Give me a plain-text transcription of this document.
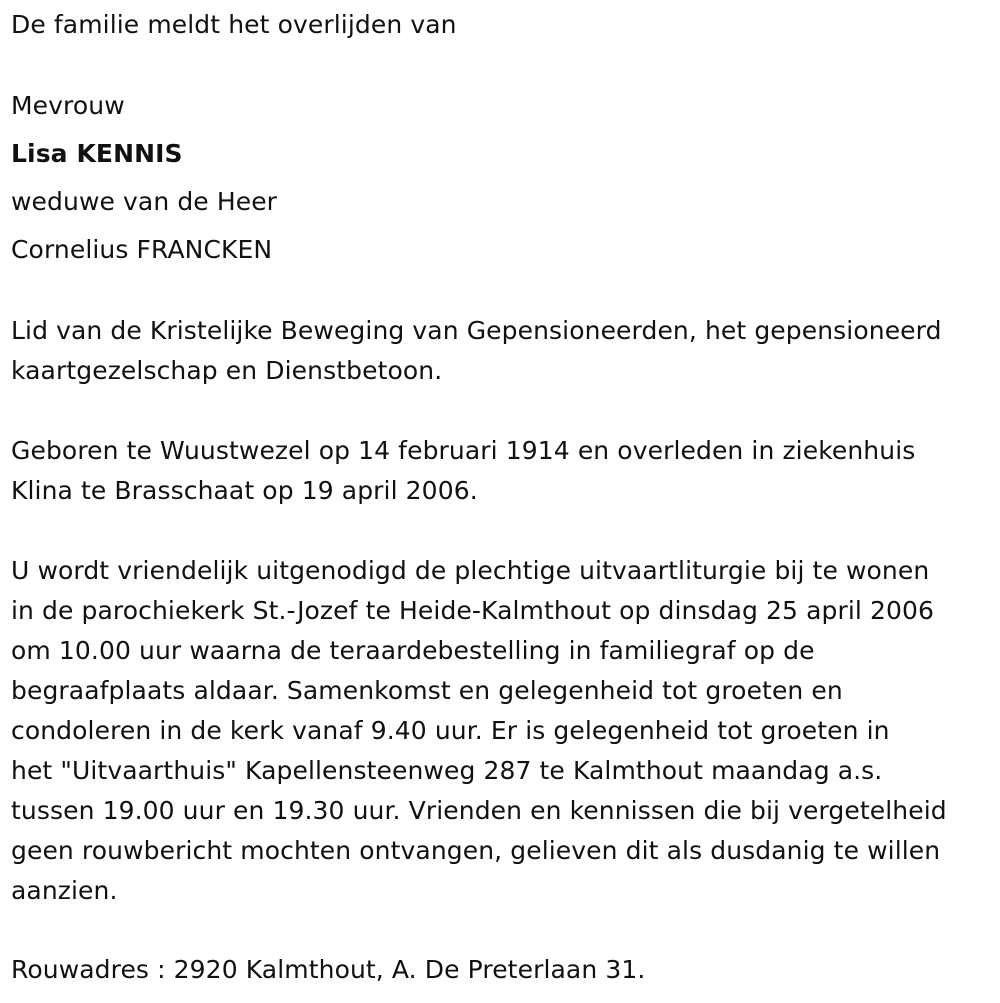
De familie meldt het overlijden van

Mevrouw

Lisa KENNIS

weduwe van de Heer

Cornelius FRANCKEN

Lid van de Kristelijke Beweging van Gepensioneerden, het gepensioneerd
kaartgezelschap en Dienstbetoon.
Geboren te Wuustwezel op 14 februari 1914 en overleden in ziekenhuis
Klina te Brasschaat op 19 april 2006.
U wordt vriendelijk uitgenodigd de plechtige uitvaartliturgie bij te wonen
in de parochiekerk St.-Jozef te Heide-Kalmthout op dinsdag 25 april 2006
om 10.00 uur waarna de teraardebestelling in familiegraf op de
begraafplaats aldaar. Samenkomst en gelegenheid tot groeten en
condoleren in de kerk vanaf 9.40 uur. Er is gelegenheid tot groeten in
het "Uitvaarthuis" Kapellensteenweg 287 te Kalmthout maandag a.s.
tussen 19.00 uur en 19.30 uur. Vrienden en kennissen die bij vergetelheid
geen rouwbericht mochten ontvangen, gelieven dit als dusdanig te willen
aanzien.

Rouwadres : 2920 Kalmthout, A. De Preterlaan 31.
